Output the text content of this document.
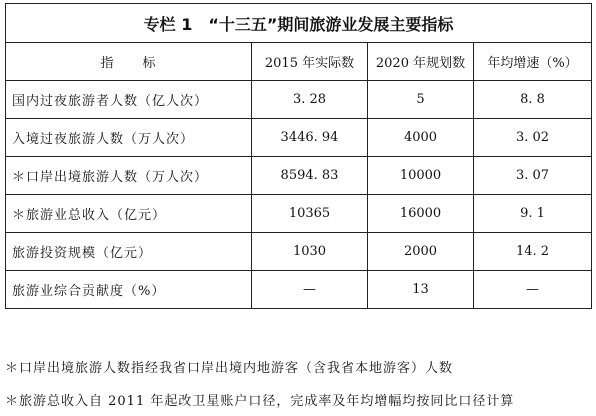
专栏 1　“十三五”期间旅游业发展主要指标			
指　　标	2015 年实际数	2020 年规划数	年均增速（%）
国内过夜旅游者人数（亿人次）	3. 28	5	8. 8
入境过夜旅游人数（万人次）	3446. 94	4000	3. 02
＊口岸出境旅游人数（万人次）	8594. 83	10000	3. 07
＊旅游业总收入（亿元）	10365	16000	9. 1
旅游投资规模（亿元）	1030	2000	14. 2
旅游业综合贡献度（%）	—	13	—
＊口岸出境旅游人数指经我省口岸出境内地游客（含我省本地游客）人数
＊旅游总收入自 2011 年起改卫星账户口径，完成率及年均增幅均按同比口径计算
